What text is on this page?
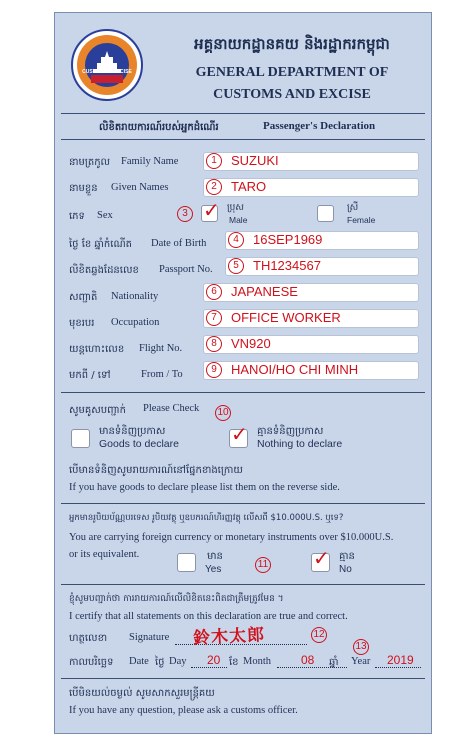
CUSTOMS & EXCISE
អគ្គនាយកដ្ឋានគយ និងរដ្ឋាករកម្ពុជា
GENERAL DEPARTMENT OF
CUSTOMS AND EXCISE
លិខិតរាយការណ៍របស់អ្នកដំណើរ	Passenger's Declaration
នាមត្រកូល Family Name	1	SUZUKI
នាមខ្លួន Given Names	2	TARO
ភេទ Sex	3 ✓ ប្រុស
Male
ស្រី
Female
ថ្ងៃ ខែ ឆ្នាំកំណើត Date of Birth	4	16SEP1969
លិខិតឆ្លងដែនលេខ Passport No.	5	TH1234567
សញ្ជាតិ Nationality	6	JAPANESE
មុខរបរ Occupation	7	OFFICE WORKER
យន្តហោះលេខ Flight No.	8	VN920
មកពី / ទៅ	From / To	9	HANOI/HO CHI MINH
សូមគូសបញ្ជាក់ Please Check 10
មានទំនិញប្រកាស
Goods to declare	✓ គ្មានទំនិញប្រកាស
Nothing to declare
បើមានទំនិញសូមរាយការណ៍នៅផ្នែកខាងក្រោយ
If you have goods to declare please list them on the reverse side.
អ្នកមានរូបិយប័ណ្ណបរទេស រូបិយវត្ថុ ឬឧបករណ៍ហិរញ្ញវត្ថុ លើសពី $10.000U.S. ឬទេ?
You are carrying foreign currency or monetary instruments over $10.000U.S.
or its equivalent.	មាន
Yes	11 ✓ គ្មាន
No
ខ្ញុំសូមបញ្ជាក់ថា ការរាយការណ៍លើលិខិតនេះពិតជាត្រឹមត្រូវមែន ។
I certify that all statements on this declaration are true and correct.
ហត្ថលេខា Signature 鈴木太郎	12
13
កាលបរិច្ឆេទ Date ថ្ងៃ Day 20 ខែ Month 08 ឆ្នាំ Year 2019
បើមិនយល់ចម្ងល់ សូមសាកសួរមន្ត្រីគយ
If you have any question, please ask a customs officer.
